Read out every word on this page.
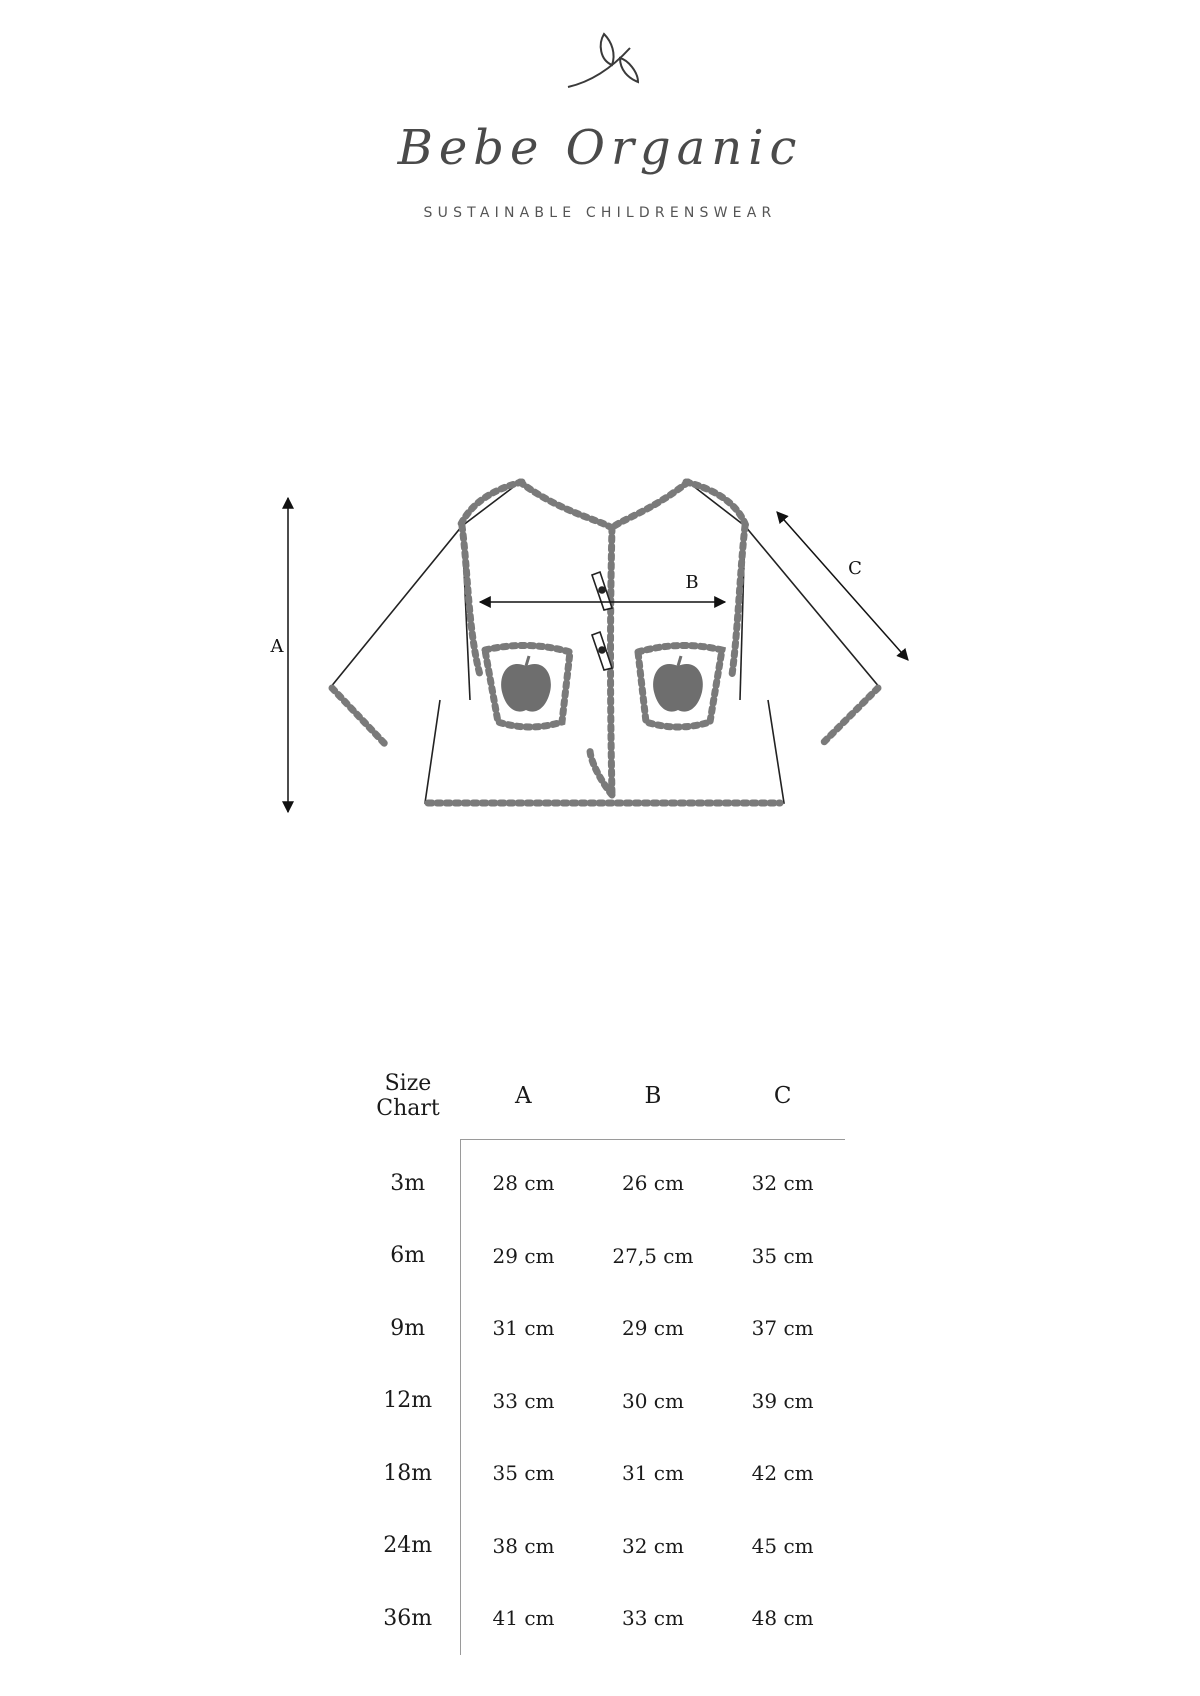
Bebe Organic
SUSTAINABLE CHILDRENSWEAR
A
B
C
Size
Chart	A	B	C
3m	28 cm	26 cm	32 cm
6m	29 cm	27,5 cm	35 cm
9m	31 cm	29 cm	37 cm
12m	33 cm	30 cm	39 cm
18m	35 cm	31 cm	42 cm
24m	38 cm	32 cm	45 cm
36m	41 cm	33 cm	48 cm
